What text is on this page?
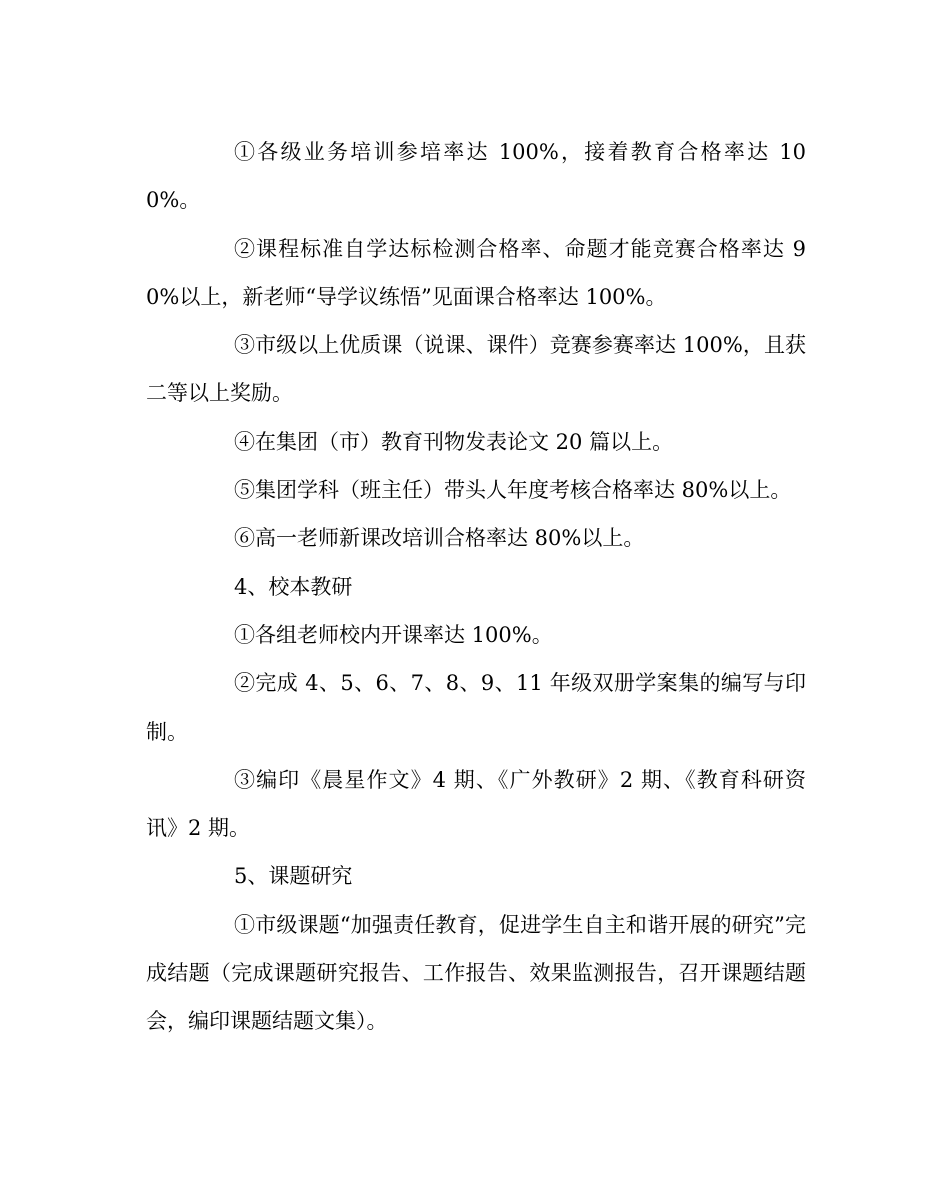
①各级业务培训参培率达 100%，接着教育合格率达 100%。

②课程标准自学达标检测合格率、命题才能竞赛合格率达 90%以上，新老师“导学议练悟”见面课合格率达 100%。

③市级以上优质课（说课、课件）竞赛参赛率达 100%，且获二等以上奖励。

④在集团（市）教育刊物发表论文 20 篇以上。

⑤集团学科（班主任）带头人年度考核合格率达 80%以上。

⑥高一老师新课改培训合格率达 80%以上。

4、校本教研

①各组老师校内开课率达 100%。

②完成 4、5、6、7、8、9、11 年级双册学案集的编写与印制。

③编印《晨星作文》4 期、《广外教研》2 期、《教育科研资讯》2 期。

5、课题研究

①市级课题“加强责任教育，促进学生自主和谐开展的研究”完成结题（完成课题研究报告、工作报告、效果监测报告，召开课题结题会，编印课题结题文集）。
